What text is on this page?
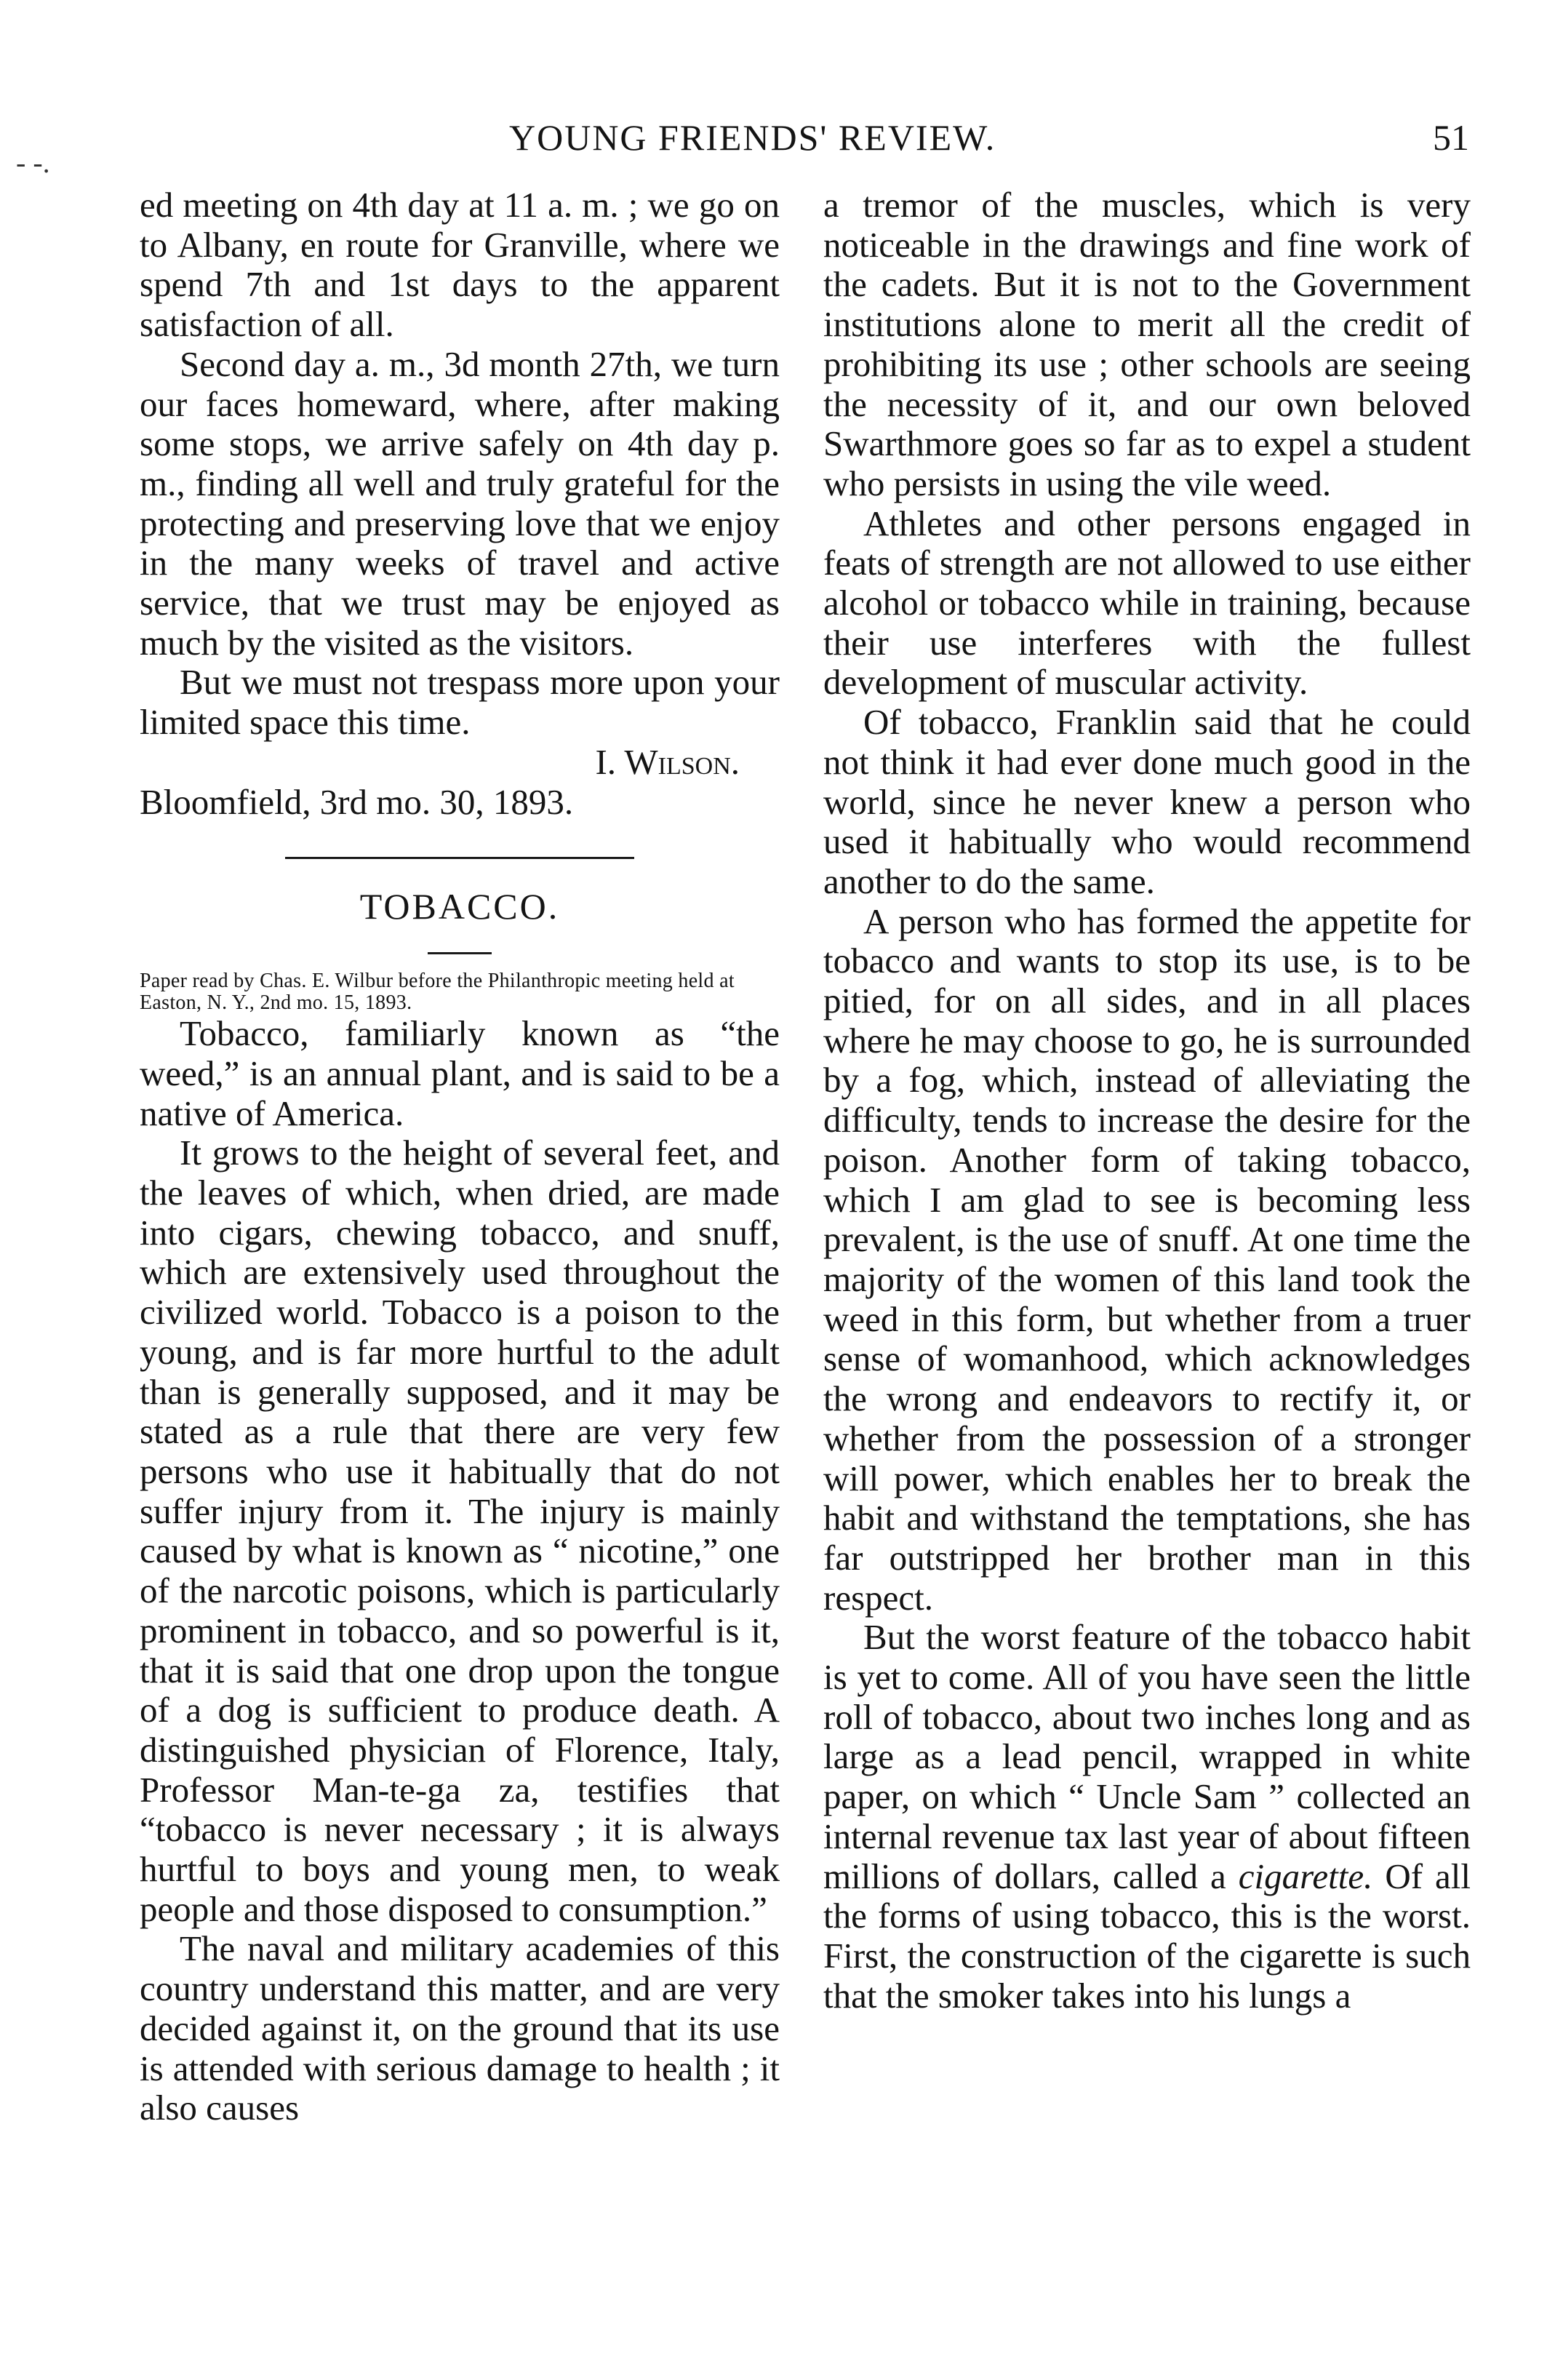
- -.
YOUNG FRIENDS' REVIEW.	51

ed meeting on 4th day at 11 a. m. ; we go on to Albany, en route for Granville, where we spend 7th and 1st days to the apparent satisfaction of all.

Second day a. m., 3d month 27th, we turn our faces homeward, where, after making some stops, we arrive safely on 4th day p. m., finding all well and truly grateful for the protecting and preserving love that we enjoy in the many weeks of travel and active service, that we trust may be enjoyed as much by the visited as the visitors.

But we must not trespass more upon your limited space this time.

I. Wilson.

Bloomfield, 3rd mo. 30, 1893.

TOBACCO.

Paper read by Chas. E. Wilbur before the Philanthropic meeting held at Easton, N. Y., 2nd mo. 15, 1893.

Tobacco, familiarly known as “the weed,” is an annual plant, and is said to be a native of America.

It grows to the height of several feet, and the leaves of which, when dried, are made into cigars, chewing tobacco, and snuff, which are extensively used throughout the civilized world. Tobacco is a poison to the young, and is far more hurtful to the adult than is generally supposed, and it may be stated as a rule that there are very few persons who use it habitually that do not suffer injury from it. The injury is mainly caused by what is known as “ nicotine,” one of the narcotic poisons, which is particularly prominent in tobacco, and so powerful is it, that it is said that one drop upon the tongue of a dog is sufficient to produce death. A distinguished physician of Florence, Italy, Professor Man-te-ga za, testifies that “tobacco is never necessary ; it is always hurtful to boys and young men, to weak people and those disposed to consumption.”

The naval and military academies of this country understand this matter, and are very decided against it, on the ground that its use is attended with serious damage to health ; it also causes

a tremor of the muscles, which is very noticeable in the drawings and fine work of the cadets. But it is not to the Government institutions alone to merit all the credit of prohibiting its use ; other schools are seeing the necessity of it, and our own beloved Swarthmore goes so far as to expel a student who persists in using the vile weed.

Athletes and other persons engaged in feats of strength are not allowed to use either alcohol or tobacco while in training, because their use interferes with the fullest development of muscular activity.

Of tobacco, Franklin said that he could not think it had ever done much good in the world, since he never knew a person who used it habitually who would recommend another to do the same.

A person who has formed the appetite for tobacco and wants to stop its use, is to be pitied, for on all sides, and in all places where he may choose to go, he is surrounded by a fog, which, instead of alleviating the difficulty, tends to increase the desire for the poison. Another form of taking tobacco, which I am glad to see is becoming less prevalent, is the use of snuff. At one time the majority of the women of this land took the weed in this form, but whether from a truer sense of womanhood, which acknowledges the wrong and endeavors to rectify it, or whether from the possession of a stronger will power, which enables her to break the habit and withstand the temptations, she has far outstripped her brother man in this respect.

But the worst feature of the tobacco habit is yet to come. All of you have seen the little roll of tobacco, about two inches long and as large as a lead pencil, wrapped in white paper, on which “ Uncle Sam ” collected an internal revenue tax last year of about fifteen millions of dollars, called a cigarette. Of all the forms of using tobacco, this is the worst. First, the construction of the cigarette is such that the smoker takes into his lungs a
